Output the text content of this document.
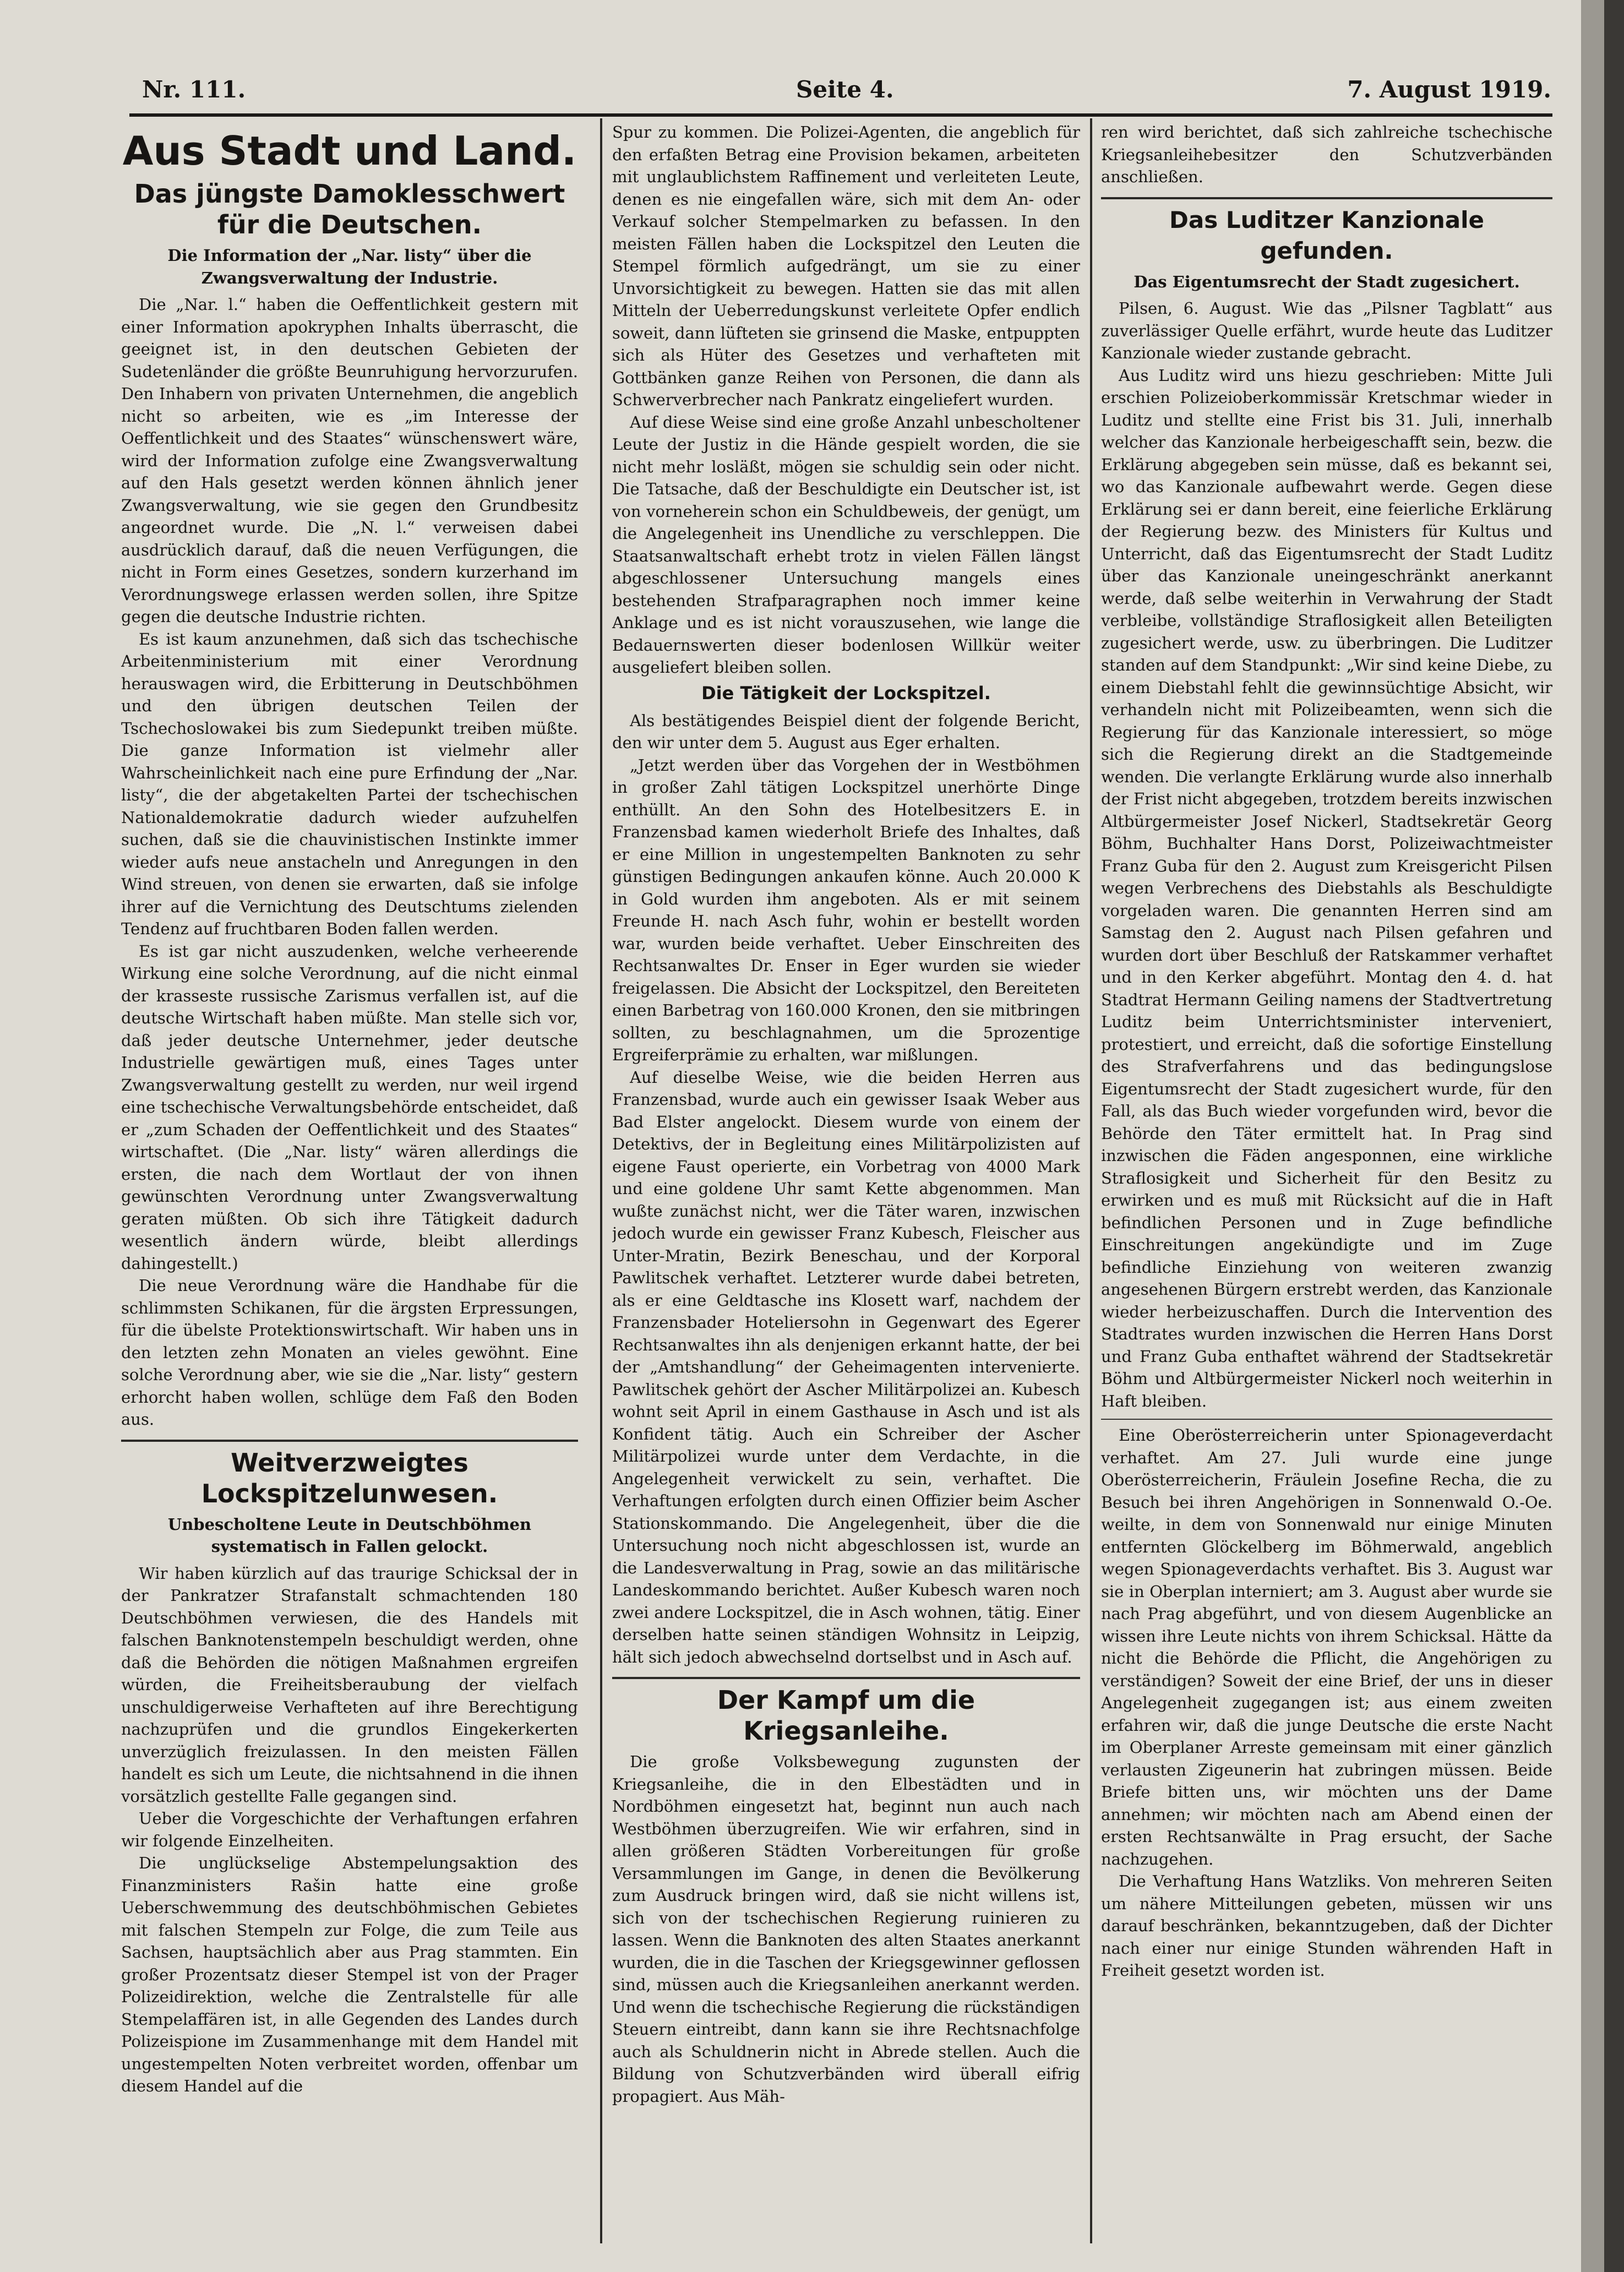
Nr. 111.	Seite 4.	7. August 1919.
Aus Stadt und Land.
Das jüngste Damoklesschwert für die Deutschen.

Die Information der „Nar. listy“ über die Zwangsverwaltung der Industrie.

Die „Nar. l.“ haben die Oeffentlichkeit gestern mit einer Information apokryphen Inhalts überrascht, die geeignet ist, in den deutschen Gebieten der Sudetenländer die größte Beunruhigung hervorzurufen. Den Inhabern von privaten Unternehmen, die angeblich nicht so arbeiten, wie es „im Interesse der Oeffentlichkeit und des Staates“ wünschenswert wäre, wird der Information zufolge eine Zwangsverwaltung auf den Hals gesetzt werden können ähnlich jener Zwangsverwaltung, wie sie gegen den Grundbesitz angeordnet wurde. Die „N. l.“ verweisen dabei ausdrücklich darauf, daß die neuen Verfügungen, die nicht in Form eines Gesetzes, sondern kurzerhand im Verordnungswege erlassen werden sollen, ihre Spitze gegen die deutsche Industrie richten.

Es ist kaum anzunehmen, daß sich das tschechische Arbeitenministerium mit einer Verordnung herauswagen wird, die Erbitterung in Deutschböhmen und den übrigen deutschen Teilen der Tschechoslowakei bis zum Siedepunkt treiben müßte. Die ganze Information ist vielmehr aller Wahrscheinlichkeit nach eine pure Erfindung der „Nar. listy“, die der abgetakelten Partei der tschechischen Nationaldemokratie dadurch wieder aufzuhelfen suchen, daß sie die chauvinistischen Instinkte immer wieder aufs neue anstacheln und Anregungen in den Wind streuen, von denen sie erwarten, daß sie infolge ihrer auf die Vernichtung des Deutschtums zielenden Tendenz auf fruchtbaren Boden fallen werden.

Es ist gar nicht auszudenken, welche verheerende Wirkung eine solche Verordnung, auf die nicht einmal der krasseste russische Zarismus verfallen ist, auf die deutsche Wirtschaft haben müßte. Man stelle sich vor, daß jeder deutsche Unternehmer, jeder deutsche Industrielle gewärtigen muß, eines Tages unter Zwangsverwaltung gestellt zu werden, nur weil irgend eine tschechische Verwaltungsbehörde entscheidet, daß er „zum Schaden der Oeffentlichkeit und des Staates“ wirtschaftet. (Die „Nar. listy“ wären allerdings die ersten, die nach dem Wortlaut der von ihnen gewünschten Verordnung unter Zwangsverwaltung geraten müßten. Ob sich ihre Tätigkeit dadurch wesentlich ändern würde, bleibt allerdings dahingestellt.)

Die neue Verordnung wäre die Handhabe für die schlimmsten Schikanen, für die ärgsten Erpressungen, für die übelste Protektionswirtschaft. Wir haben uns in den letzten zehn Monaten an vieles gewöhnt. Eine solche Verordnung aber, wie sie die „Nar. listy“ gestern erhorcht haben wollen, schlüge dem Faß den Boden aus.

Weitverzweigtes Lockspitzelunwesen.

Unbescholtene Leute in Deutschböhmen systematisch in Fallen gelockt.

Wir haben kürzlich auf das traurige Schicksal der in der Pankratzer Strafanstalt schmachtenden 180 Deutschböhmen verwiesen, die des Handels mit falschen Banknotenstempeln beschuldigt werden, ohne daß die Behörden die nötigen Maßnahmen ergreifen würden, die Freiheitsberaubung der vielfach unschuldigerweise Verhafteten auf ihre Berechtigung nachzuprüfen und die grundlos Eingekerkerten unverzüglich freizulassen. In den meisten Fällen handelt es sich um Leute, die nichtsahnend in die ihnen vorsätzlich gestellte Falle gegangen sind.

Ueber die Vorgeschichte der Verhaftungen erfahren wir folgende Einzelheiten.

Die unglückselige Abstempelungsaktion des Finanzministers Rašin hatte eine große Ueberschwemmung des deutschböhmischen Gebietes mit falschen Stempeln zur Folge, die zum Teile aus Sachsen, hauptsächlich aber aus Prag stammten. Ein großer Prozentsatz dieser Stempel ist von der Prager Polizeidirektion, welche die Zentralstelle für alle Stempelaffären ist, in alle Gegenden des Landes durch Polizeispione im Zusammenhange mit dem Handel mit ungestempelten Noten verbreitet worden, offenbar um diesem Handel auf die

Spur zu kommen. Die Polizei-Agenten, die angeblich für den erfaßten Betrag eine Provision bekamen, arbeiteten mit unglaublichstem Raffinement und verleiteten Leute, denen es nie eingefallen wäre, sich mit dem An- oder Verkauf solcher Stempelmarken zu befassen. In den meisten Fällen haben die Lockspitzel den Leuten die Stempel förmlich aufgedrängt, um sie zu einer Unvorsichtigkeit zu bewegen. Hatten sie das mit allen Mitteln der Ueberredungskunst verleitete Opfer endlich soweit, dann lüfteten sie grinsend die Maske, entpuppten sich als Hüter des Gesetzes und verhafteten mit Gottbänken ganze Reihen von Personen, die dann als Schwerverbrecher nach Pankratz eingeliefert wurden.

Auf diese Weise sind eine große Anzahl unbescholtener Leute der Justiz in die Hände gespielt worden, die sie nicht mehr losläßt, mögen sie schuldig sein oder nicht. Die Tatsache, daß der Beschuldigte ein Deutscher ist, ist von vorneherein schon ein Schuldbeweis, der genügt, um die Angelegenheit ins Unendliche zu verschleppen. Die Staatsanwaltschaft erhebt trotz in vielen Fällen längst abgeschlossener Untersuchung mangels eines bestehenden Strafparagraphen noch immer keine Anklage und es ist nicht vorauszusehen, wie lange die Bedauernswerten dieser bodenlosen Willkür weiter ausgeliefert bleiben sollen.

Die Tätigkeit der Lockspitzel.

Als bestätigendes Beispiel dient der folgende Bericht, den wir unter dem 5. August aus Eger erhalten.

„Jetzt werden über das Vorgehen der in Westböhmen in großer Zahl tätigen Lockspitzel unerhörte Dinge enthüllt. An den Sohn des Hotelbesitzers E. in Franzensbad kamen wiederholt Briefe des Inhaltes, daß er eine Million in ungestempelten Banknoten zu sehr günstigen Bedingungen ankaufen könne. Auch 20.000 K in Gold wurden ihm angeboten. Als er mit seinem Freunde H. nach Asch fuhr, wohin er bestellt worden war, wurden beide verhaftet. Ueber Einschreiten des Rechtsanwaltes Dr. Enser in Eger wurden sie wieder freigelassen. Die Absicht der Lockspitzel, den Bereiteten einen Barbetrag von 160.000 Kronen, den sie mitbringen sollten, zu beschlagnahmen, um die 5prozentige Ergreiferprämie zu erhalten, war mißlungen.

Auf dieselbe Weise, wie die beiden Herren aus Franzensbad, wurde auch ein gewisser Isaak Weber aus Bad Elster angelockt. Diesem wurde von einem der Detektivs, der in Begleitung eines Militärpolizisten auf eigene Faust operierte, ein Vorbetrag von 4000 Mark und eine goldene Uhr samt Kette abgenommen. Man wußte zunächst nicht, wer die Täter waren, inzwischen jedoch wurde ein gewisser Franz Kubesch, Fleischer aus Unter-Mratin, Bezirk Beneschau, und der Korporal Pawlitschek verhaftet. Letzterer wurde dabei betreten, als er eine Geldtasche ins Klosett warf, nachdem der Franzensbader Hoteliersohn in Gegenwart des Egerer Rechtsanwaltes ihn als denjenigen erkannt hatte, der bei der „Amtshandlung“ der Geheimagenten intervenierte. Pawlitschek gehört der Ascher Militärpolizei an. Kubesch wohnt seit April in einem Gasthause in Asch und ist als Konfident tätig. Auch ein Schreiber der Ascher Militärpolizei wurde unter dem Verdachte, in die Angelegenheit verwickelt zu sein, verhaftet. Die Verhaftungen erfolgten durch einen Offizier beim Ascher Stationskommando. Die Angelegenheit, über die die Untersuchung noch nicht abgeschlossen ist, wurde an die Landesverwaltung in Prag, sowie an das militärische Landeskommando berichtet. Außer Kubesch waren noch zwei andere Lockspitzel, die in Asch wohnen, tätig. Einer derselben hatte seinen ständigen Wohnsitz in Leipzig, hält sich jedoch abwechselnd dortselbst und in Asch auf.

Der Kampf um die Kriegsanleihe.

Die große Volksbewegung zugunsten der Kriegsanleihe, die in den Elbestädten und in Nordböhmen eingesetzt hat, beginnt nun auch nach Westböhmen überzugreifen. Wie wir erfahren, sind in allen größeren Städten Vorbereitungen für große Versammlungen im Gange, in denen die Bevölkerung zum Ausdruck bringen wird, daß sie nicht willens ist, sich von der tschechischen Regierung ruinieren zu lassen. Wenn die Banknoten des alten Staates anerkannt wurden, die in die Taschen der Kriegsgewinner geflossen sind, müssen auch die Kriegsanleihen anerkannt werden. Und wenn die tschechische Regierung die rückständigen Steuern eintreibt, dann kann sie ihre Rechtsnachfolge auch als Schuldnerin nicht in Abrede stellen. Auch die Bildung von Schutzverbänden wird überall eifrig propagiert. Aus Mäh-

ren wird berichtet, daß sich zahlreiche tschechische Kriegsanleihebesitzer den Schutzverbänden anschließen.

Das Luditzer Kanzionale gefunden.

Das Eigentumsrecht der Stadt zugesichert.

Pilsen, 6. August. Wie das „Pilsner Tagblatt“ aus zuverlässiger Quelle erfährt, wurde heute das Luditzer Kanzionale wieder zustande gebracht.

Aus Luditz wird uns hiezu geschrieben: Mitte Juli erschien Polizeioberkommissär Kretschmar wieder in Luditz und stellte eine Frist bis 31. Juli, innerhalb welcher das Kanzionale herbeigeschafft sein, bezw. die Erklärung abgegeben sein müsse, daß es bekannt sei, wo das Kanzionale aufbewahrt werde. Gegen diese Erklärung sei er dann bereit, eine feierliche Erklärung der Regierung bezw. des Ministers für Kultus und Unterricht, daß das Eigentumsrecht der Stadt Luditz über das Kanzionale uneingeschränkt anerkannt werde, daß selbe weiterhin in Verwahrung der Stadt verbleibe, vollständige Straflosigkeit allen Beteiligten zugesichert werde, usw. zu überbringen. Die Luditzer standen auf dem Standpunkt: „Wir sind keine Diebe, zu einem Diebstahl fehlt die gewinnsüchtige Absicht, wir verhandeln nicht mit Polizeibeamten, wenn sich die Regierung für das Kanzionale interessiert, so möge sich die Regierung direkt an die Stadtgemeinde wenden. Die verlangte Erklärung wurde also innerhalb der Frist nicht abgegeben, trotzdem bereits inzwischen Altbürgermeister Josef Nickerl, Stadtsekretär Georg Böhm, Buchhalter Hans Dorst, Polizeiwachtmeister Franz Guba für den 2. August zum Kreisgericht Pilsen wegen Verbrechens des Diebstahls als Beschuldigte vorgeladen waren. Die genannten Herren sind am Samstag den 2. August nach Pilsen gefahren und wurden dort über Beschluß der Ratskammer verhaftet und in den Kerker abgeführt. Montag den 4. d. hat Stadtrat Hermann Geiling namens der Stadtvertretung Luditz beim Unterrichtsminister interveniert, protestiert, und erreicht, daß die sofortige Einstellung des Strafverfahrens und das bedingungslose Eigentumsrecht der Stadt zugesichert wurde, für den Fall, als das Buch wieder vorgefunden wird, bevor die Behörde den Täter ermittelt hat. In Prag sind inzwischen die Fäden angesponnen, eine wirkliche Straflosigkeit und Sicherheit für den Besitz zu erwirken und es muß mit Rücksicht auf die in Haft befindlichen Personen und in Zuge befindliche Einschreitungen angekündigte und im Zuge befindliche Einziehung von weiteren zwanzig angesehenen Bürgern erstrebt werden, das Kanzionale wieder herbeizuschaffen. Durch die Intervention des Stadtrates wurden inzwischen die Herren Hans Dorst und Franz Guba enthaftet während der Stadtsekretär Böhm und Altbürgermeister Nickerl noch weiterhin in Haft bleiben.

Eine Oberösterreicherin unter Spionageverdacht verhaftet. Am 27. Juli wurde eine junge Oberösterreicherin, Fräulein Josefine Recha, die zu Besuch bei ihren Angehörigen in Sonnenwald O.-Oe. weilte, in dem von Sonnenwald nur einige Minuten entfernten Glöckelberg im Böhmerwald, angeblich wegen Spionageverdachts verhaftet. Bis 3. August war sie in Oberplan interniert; am 3. August aber wurde sie nach Prag abgeführt, und von diesem Augenblicke an wissen ihre Leute nichts von ihrem Schicksal. Hätte da nicht die Behörde die Pflicht, die Angehörigen zu verständigen? Soweit der eine Brief, der uns in dieser Angelegenheit zugegangen ist; aus einem zweiten erfahren wir, daß die junge Deutsche die erste Nacht im Oberplaner Arreste gemeinsam mit einer gänzlich verlausten Zigeunerin hat zubringen müssen. Beide Briefe bitten uns, wir möchten uns der Dame annehmen; wir möchten nach am Abend einen der ersten Rechtsanwälte in Prag ersucht, der Sache nachzugehen.

Die Verhaftung Hans Watzliks. Von mehreren Seiten um nähere Mitteilungen gebeten, müssen wir uns darauf beschränken, bekanntzugeben, daß der Dichter nach einer nur einige Stunden währenden Haft in Freiheit gesetzt worden ist.
